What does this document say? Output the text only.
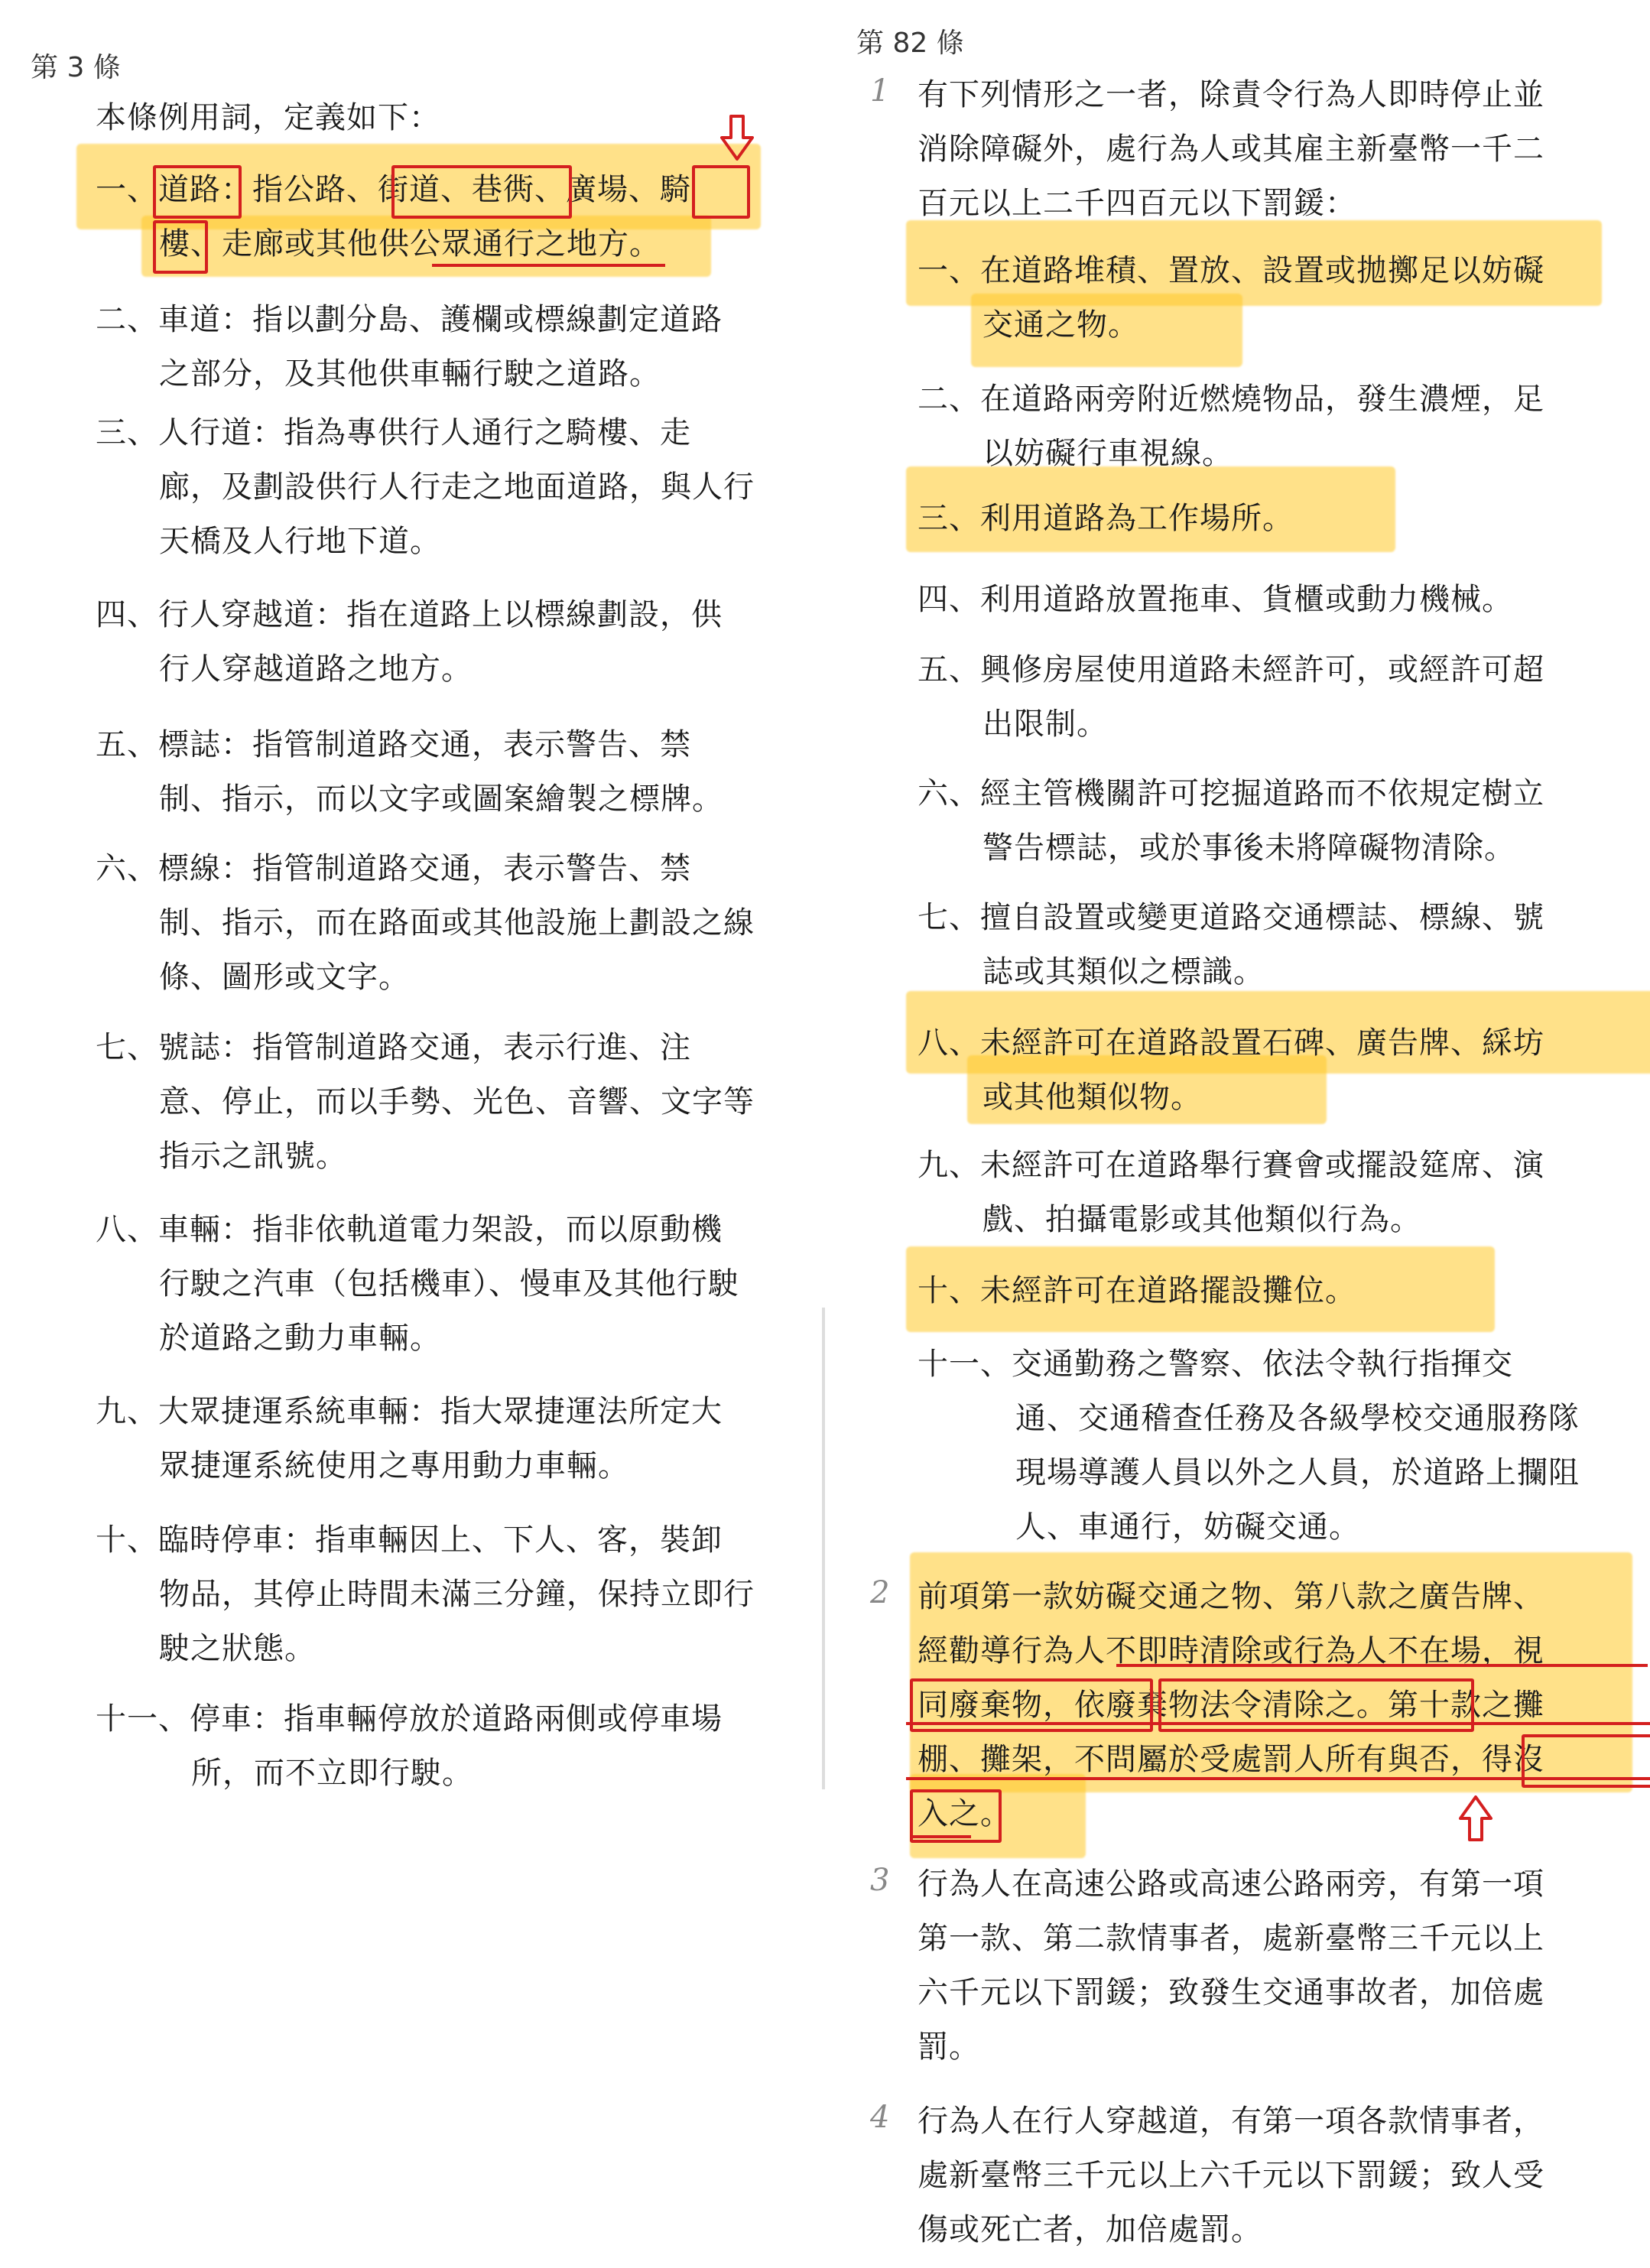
第 3 條
本條例用詞，定義如下：
一、道路：指公路、街道、巷衖、廣場、騎
樓、走廊或其他供公眾通行之地方。
二、車道：指以劃分島、護欄或標線劃定道路
之部分，及其他供車輛行駛之道路。
三、人行道：指為專供行人通行之騎樓、走
廊，及劃設供行人行走之地面道路，與人行
天橋及人行地下道。
四、行人穿越道：指在道路上以標線劃設，供
行人穿越道路之地方。
五、標誌：指管制道路交通，表示警告、禁
制、指示，而以文字或圖案繪製之標牌。
六、標線：指管制道路交通，表示警告、禁
制、指示，而在路面或其他設施上劃設之線
條、圖形或文字。
七、號誌：指管制道路交通，表示行進、注
意、停止，而以手勢、光色、音響、文字等
指示之訊號。
八、車輛：指非依軌道電力架設，而以原動機
行駛之汽車（包括機車）、慢車及其他行駛
於道路之動力車輛。
九、大眾捷運系統車輛：指大眾捷運法所定大
眾捷運系統使用之專用動力車輛。
十、臨時停車：指車輛因上、下人、客，裝卸
物品，其停止時間未滿三分鐘，保持立即行
駛之狀態。
十一、停車：指車輛停放於道路兩側或停車場
所，而不立即行駛。
第 82 條
1 有下列情形之一者，除責令行為人即時停止並
消除障礙外，處行為人或其雇主新臺幣一千二
百元以上二千四百元以下罰鍰：
一、在道路堆積、置放、設置或拋擲足以妨礙
交通之物。
二、在道路兩旁附近燃燒物品，發生濃煙，足
以妨礙行車視線。
三、利用道路為工作場所。
四、利用道路放置拖車、貨櫃或動力機械。
五、興修房屋使用道路未經許可，或經許可超
出限制。
六、經主管機關許可挖掘道路而不依規定樹立
警告標誌，或於事後未將障礙物清除。
七、擅自設置或變更道路交通標誌、標線、號
誌或其類似之標識。
八、未經許可在道路設置石碑、廣告牌、綵坊
或其他類似物。
九、未經許可在道路舉行賽會或擺設筵席、演
戲、拍攝電影或其他類似行為。
十、未經許可在道路擺設攤位。
十一、交通勤務之警察、依法令執行指揮交
通、交通稽查任務及各級學校交通服務隊
現場導護人員以外之人員，於道路上攔阻
人、車通行，妨礙交通。
2 前項第一款妨礙交通之物、第八款之廣告牌、
經勸導行為人不即時清除或行為人不在場，視
同廢棄物，依廢棄物法令清除之。第十款之攤
棚、攤架，不問屬於受處罰人所有與否，得沒
入之。
3 行為人在高速公路或高速公路兩旁，有第一項
第一款、第二款情事者，處新臺幣三千元以上
六千元以下罰鍰；致發生交通事故者，加倍處
罰。
4 行為人在行人穿越道，有第一項各款情事者，
處新臺幣三千元以上六千元以下罰鍰；致人受
傷或死亡者，加倍處罰。
